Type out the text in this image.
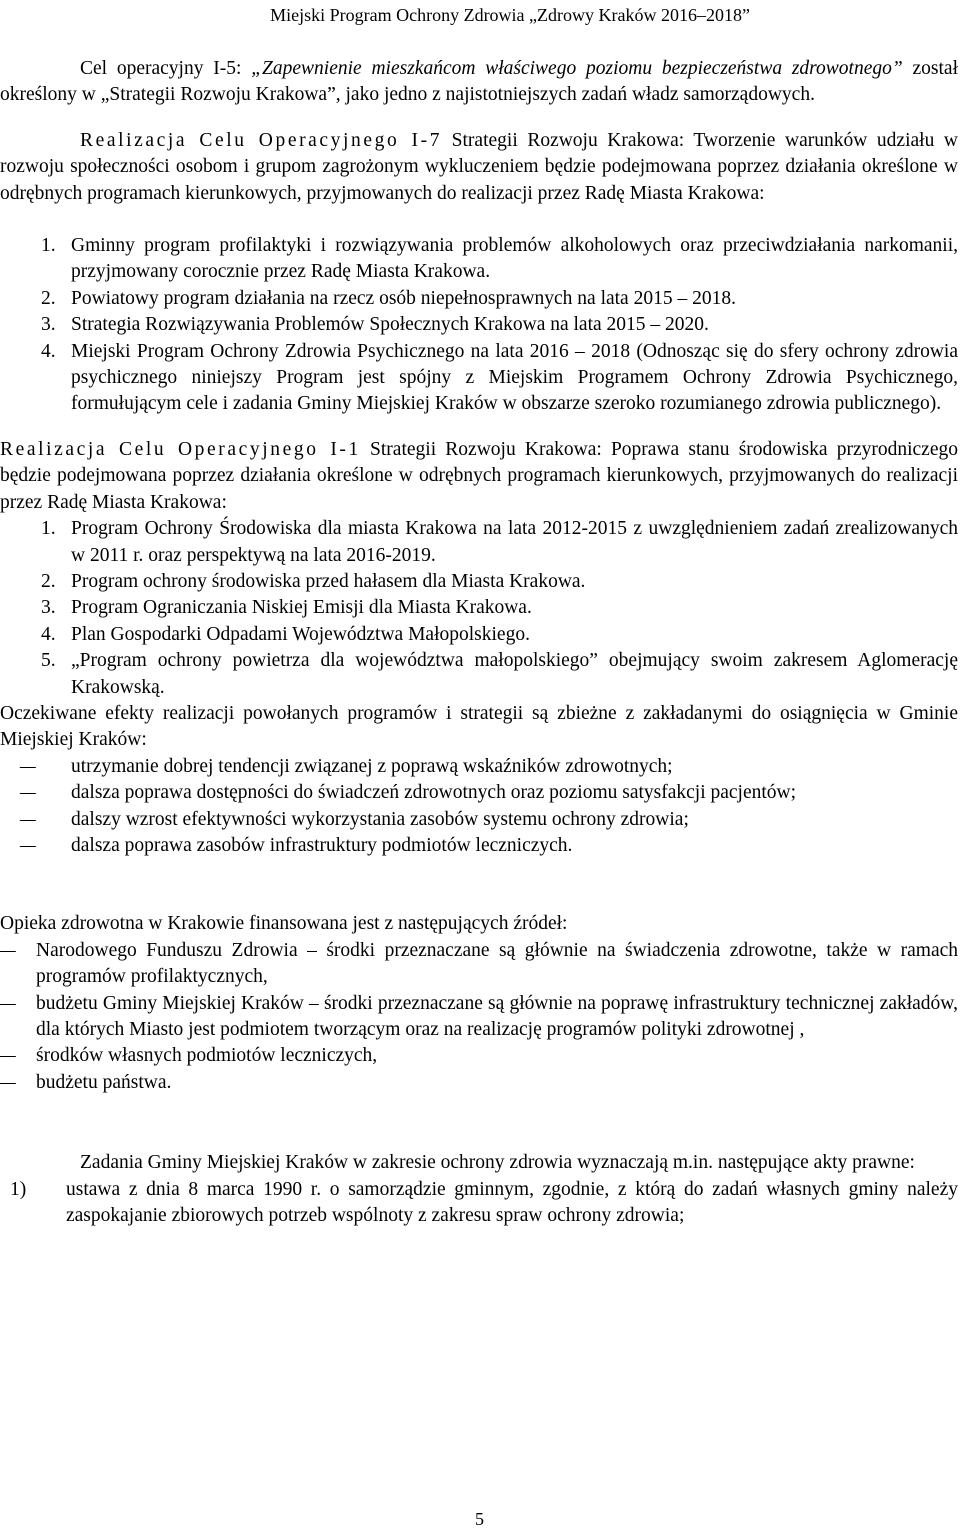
Miejski Program Ochrony Zdrowia „Zdrowy Kraków 2016–2018”

Cel operacyjny I-5: „Zapewnienie mieszkańcom właściwego poziomu bezpieczeństwa zdrowotnego” został określony w „Strategii Rozwoju Krakowa”, jako jedno z najistotniejszych zadań władz samorządowych.

Realizacja Celu Operacyjnego I-7 Strategii Rozwoju Krakowa: Tworzenie warunków udziału w rozwoju społeczności osobom i grupom zagrożonym wykluczeniem będzie podejmowana poprzez działania określone w odrębnych programach kierunkowych, przyjmowanych do realizacji przez Radę Miasta Krakowa:

1. Gminny program profilaktyki i rozwiązywania problemów alkoholowych oraz przeciwdziałania narkomanii, przyjmowany corocznie przez Radę Miasta Krakowa.
2. Powiatowy program działania na rzecz osób niepełnosprawnych na lata 2015 – 2018.
3. Strategia Rozwiązywania Problemów Społecznych Krakowa na lata 2015 – 2020.
4. Miejski Program Ochrony Zdrowia Psychicznego na lata 2016 – 2018 (Odnosząc się do sfery ochrony zdrowia psychicznego niniejszy Program jest spójny z Miejskim Programem Ochrony Zdrowia Psychicznego, formułującym cele i zadania Gminy Miejskiej Kraków w obszarze szeroko rozumianego zdrowia publicznego).

Realizacja Celu Operacyjnego I-1 Strategii Rozwoju Krakowa: Poprawa stanu środowiska przyrodniczego będzie podejmowana poprzez działania określone w odrębnych programach kierunkowych, przyjmowanych do realizacji przez Radę Miasta Krakowa:

1. Program Ochrony Środowiska dla miasta Krakowa na lata 2012-2015 z uwzględnieniem zadań zrealizowanych w 2011 r. oraz perspektywą na lata 2016-2019.
2. Program ochrony środowiska przed hałasem dla Miasta Krakowa.
3. Program Ograniczania Niskiej Emisji dla Miasta Krakowa.
4. Plan Gospodarki Odpadami Województwa Małopolskiego.
5. „Program ochrony powietrza dla województwa małopolskiego” obejmujący swoim zakresem Aglomerację Krakowską.

Oczekiwane efekty realizacji powołanych programów i strategii są zbieżne z zakładanymi do osiągnięcia w Gminie Miejskiej Kraków:

–
utrzymanie dobrej tendencji związanej z poprawą wskaźników zdrowotnych;
–
dalsza poprawa dostępności do świadczeń zdrowotnych oraz poziomu satysfakcji pacjentów;
–
dalszy wzrost efektywności wykorzystania zasobów systemu ochrony zdrowia;
–
dalsza poprawa zasobów infrastruktury podmiotów leczniczych.

Opieka zdrowotna w Krakowie finansowana jest z następujących źródeł:

–
Narodowego Funduszu Zdrowia – środki przeznaczane są głównie na świadczenia zdrowotne, także w ramach programów profilaktycznych,
–
budżetu Gminy Miejskiej Kraków – środki przeznaczane są głównie na poprawę infrastruktury technicznej zakładów, dla których Miasto jest podmiotem tworzącym oraz na realizację programów polityki zdrowotnej ,
–
środków własnych podmiotów leczniczych,
–
budżetu państwa.

Zadania Gminy Miejskiej Kraków w zakresie ochrony zdrowia wyznaczają m.in. następujące akty prawne:

1) ustawa z dnia 8 marca 1990 r. o samorządzie gminnym, zgodnie, z którą do zadań własnych gminy należy zaspokajanie zbiorowych potrzeb wspólnoty z zakresu spraw ochrony zdrowia;
5
